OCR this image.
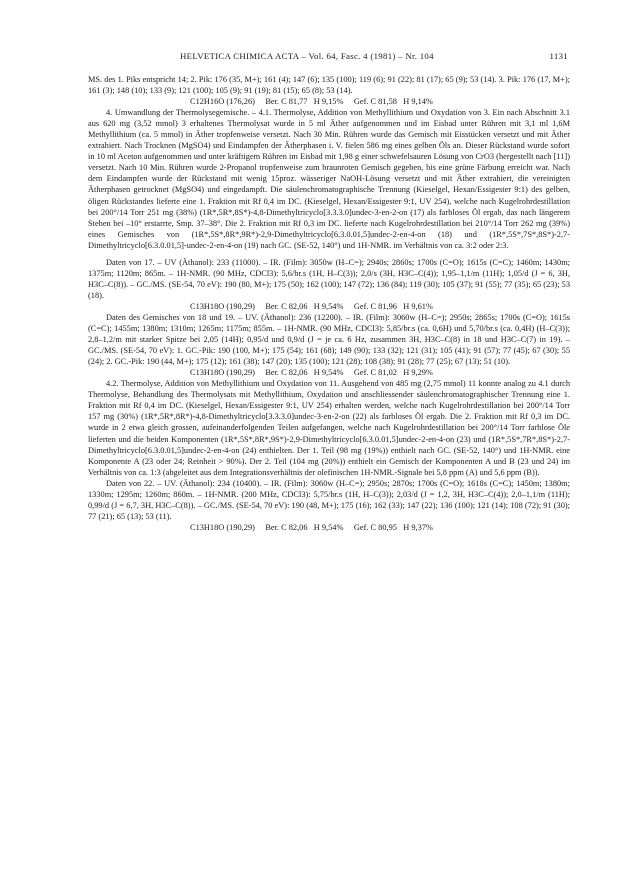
HELVETICA CHIMICA ACTA – Vol. 64, Fasc. 4 (1981) – Nr. 104	1131

MS. des 1. Piks entspricht 14; 2. Pik: 176 (35, M+); 161 (4); 147 (6); 135 (100); 119 (6); 91 (22); 81 (17); 65 (9); 53 (14). 3. Pik: 176 (17, M+); 161 (3); 148 (10); 133 (9); 121 (100); 105 (9); 91 (19); 81 (15); 65 (8); 53 (14).

C12H16O (176,26)     Ber. C 81,77   H 9,15%     Gef. C 81,58   H 9,14%

4. Umwandlung der Thermolysegemische. – 4.1. Thermolyse, Addition von Methyllithium und Oxydation von 3. Ein nach Abschnitt 3.1 aus 620 mg (3,52 mmol) 3 erhaltenes Thermolysat wurde in 5 ml Äther aufgenommen und im Eisbad unter Rühren mit 3,1 ml 1,6M Methyllithium (ca. 5 mmol) in Äther tropfenweise versetzt. Nach 30 Min. Rühren wurde das Gemisch mit Eisstücken versetzt und mit Äther extrahiert. Nach Trocknen (MgSO4) und Eindampfen der Ätherphasen i. V. fielen 586 mg eines gelben Öls an. Dieser Rückstand wurde sofort in 10 ml Aceton aufgenommen und unter kräftigem Rühren im Eisbad mit 1,98 g einer schwefelsauren Lösung von CrO3 (hergestellt nach [11]) versetzt. Nach 10 Min. Rühren wurde 2-Propanol tropfenweise zum braunroten Gemisch gegeben, bis eine grüne Färbung erreicht war. Nach dem Eindampfen wurde der Rückstand mit wenig 15proz. wässeriger NaOH-Lösung versetzt und mit Äther extrahiert, die vereinigten Ätherphasen getrocknet (MgSO4) und eingedampft. Die säulenchromatographische Trennung (Kieselgel, Hexan/Essigester 9:1) des gelben, öligen Rückstandes lieferte eine 1. Fraktion mit Rf 0,4 im DC. (Kieselgel, Hexan/Essigester 9:1, UV 254), welche nach Kugelrohrdestillation bei 200°/14 Torr 251 mg (38%) (1R*,5R*,8S*)-4,8-Dimethyltricyclo[3.3.3.0]undec-3-en-2-on (17) als farbloses Öl ergab, das nach längerem Stehen bei –10° erstarrte, Smp. 37–38°. Die 2. Fraktion mit Rf 0,3 im DC. lieferte nach Kugelrohrdestillation bei 210°/14 Torr 262 mg (39%) eines Gemisches von (1R*,5S*,8R*,9R*)-2,9-Dimethyltricyclo[6.3.0.01,5]undec-2-en-4-on (18) und (1R*,5S*,7S*,8S*)-2,7-Dimethyltricyclo[6.3.0.01,5]-undec-2-en-4-on (19) nach GC. (SE-52, 140°) und 1H-NMR. im Verhältnis von ca. 3:2 oder 2:3.

Daten von 17. – UV (Äthanol): 233 (11000). – IR. (Film): 3050w (H–C=); 2940s; 2860s; 1700s (C=O); 1615s (C=C); 1460m; 1430m; 1375m; 1120m; 865m. – 1H-NMR. (90 MHz, CDCl3): 5,6/br.s (1H, H–C(3)); 2,0/s (3H, H3C–C(4)); 1,95–1,1/m (11H); 1,05/d (J = 6, 3H, H3C–C(8)). – GC./MS. (SE-54, 70 eV): 190 (80, M+); 175 (50); 162 (100); 147 (72); 136 (84); 119 (30); 105 (37); 91 (55); 77 (35); 65 (23); 53 (18).

C13H18O (190,29)     Ber. C 82,06   H 9,54%     Gef. C 81,96   H 9,61%

Daten des Gemisches von 18 und 19. – UV. (Äthanol): 236 (12200). – IR. (Film): 3060w (H–C=); 2950s; 2865s; 1700s (C=O); 1615s (C=C); 1455m; 1380m; 1310m; 1265m; 1175m; 855m. – 1H-NMR. (90 MHz, CDCl3): 5,85/br.s (ca. 0,6H) und 5,70/br.s (ca. 0,4H) (H–C(3)); 2,8–1,2/m mit starker Spitze bei 2,05 (14H); 0,95/d und 0,9/d (J = je ca. 6 Hz, zusammen 3H, H3C–C(8) in 18 und H3C–C(7) in 19). – GC./MS. (SE-54, 70 eV): 1. GC.-Pik: 190 (100, M+); 175 (54); 161 (68); 149 (90); 133 (32); 121 (31); 105 (41); 91 (57); 77 (45); 67 (30); 55 (24); 2. GC.-Pik: 190 (44, M+); 175 (12); 161 (38); 147 (20); 135 (100); 121 (28); 108 (38); 91 (28); 77 (25); 67 (13); 51 (10).

C13H18O (190,29)     Ber. C 82,06   H 9,54%     Gef. C 81,02   H 9,29%

4.2. Thermolyse, Addition von Methyllithium und Oxydation von 11. Ausgehend von 485 mg (2,75 mmol) 11 konnte analog zu 4.1 durch Thermolyse, Behandlung des Thermolysats mit Methyllithium, Oxydation und anschliessender säulenchromatographischer Trennung eine 1. Fraktion mit Rf 0,4 im DC. (Kieselgel, Hexan/Essigester 9:1, UV 254) erhalten werden, welche nach Kugelrohrdestillation bei 200°/14 Torr 157 mg (30%) (1R*,5R*,8R*)-4,8-Dimethyltricyclo[3.3.3.0]undec-3-en-2-on (22) als farbloses Öl ergab. Die 2. Fraktion mit Rf 0,3 im DC. wurde in 2 etwa gleich grossen, aufeinanderfolgenden Teilen aufgefangen, welche nach Kugelrohrdestillation bei 200°/14 Torr farblose Öle lieferten und die beiden Komponenten (1R*,5S*,8R*,9S*)-2,9-Dimethyltricyclo[6.3.0.01,5]undec-2-en-4-on (23) und (1R*,5S*,7R*,8S*)-2,7-Dimethyltricyclo[6.3.0.01,5]undec-2-en-4-on (24) enthielten. Der 1. Teil (98 mg (19%)) enthielt nach GC. (SE-52, 140°) und 1H-NMR. eine Komponente A (23 oder 24; Reinheit > 90%). Der 2. Teil (104 mg (20%)) enthielt ein Gemisch der Komponenten A und B (23 und 24) im Verhältnis von ca. 1:3 (abgeleitet aus dem Integrationsverhältnis der olefinischen 1H-NMR.-Signale bei 5,8 ppm (A) und 5,6 ppm (B)).

Daten von 22. – UV. (Äthanol): 234 (10400). – IR. (Film): 3060w (H–C=); 2950s; 2870s; 1700s (C=O); 1618s (C=C); 1450m; 1380m; 1330m; 1295m; 1260m; 860m. – 1H-NMR. (200 MHz, CDCl3): 5,75/br.s (1H, H–C(3)); 2,03/d (J = 1,2, 3H, H3C–C(4)); 2,0–1,1/m (11H); 0,99/d (J = 6,7, 3H, H3C–C(8)). – GC./MS. (SE-54, 70 eV): 190 (48, M+); 175 (16); 162 (33); 147 (22); 136 (100); 121 (14); 108 (72); 91 (30); 77 (21); 65 (13); 53 (11).

C13H18O (190,29)     Ber. C 82,06   H 9,54%     Gef. C 80,95   H 9,37%
